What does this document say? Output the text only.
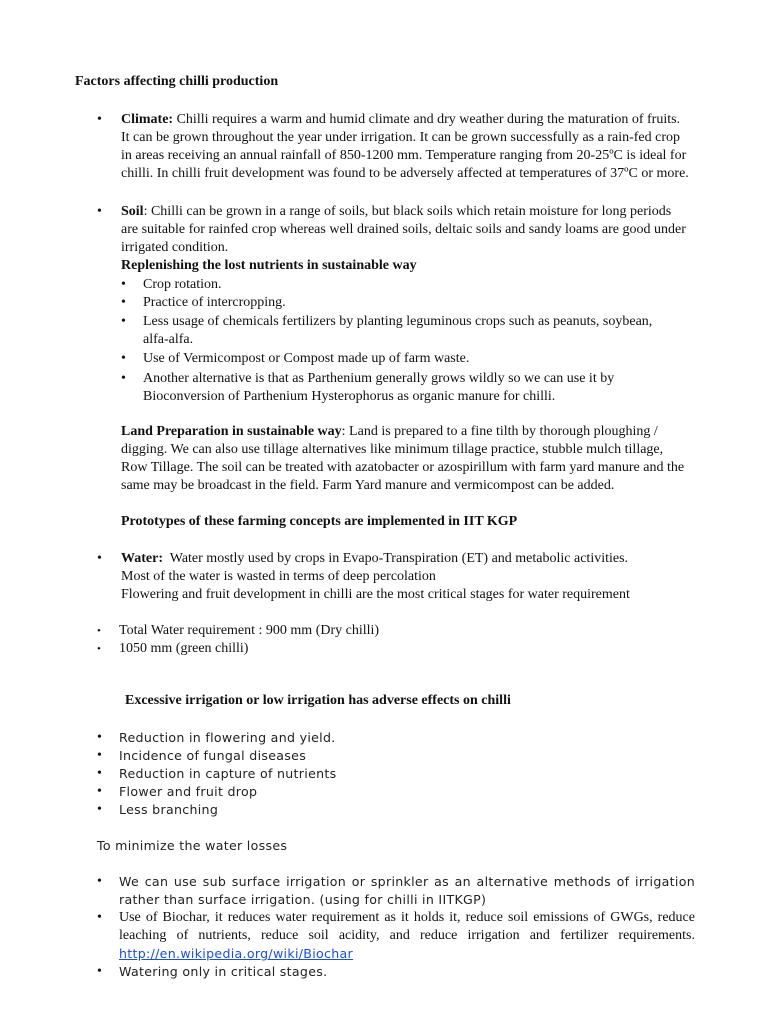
Factors affecting chilli production
• Climate: Chilli requires a warm and humid climate and dry weather during the maturation of fruits. It can be grown throughout the year under irrigation. It can be grown successfully as a rain-fed crop in areas receiving an annual rainfall of 850-1200 mm. Temperature ranging from 20-25ºC is ideal for chilli. In chilli fruit development was found to be adversely affected at temperatures of 37ºC or more.
• Soil: Chilli can be grown in a range of soils, but black soils which retain moisture for long periods are suitable for rainfed crop whereas well drained soils, deltaic soils and sandy loams are good under irrigated condition.
Replenishing the lost nutrients in sustainable way
• Crop rotation.
• Practice of intercropping.
• Less usage of chemicals fertilizers by planting leguminous crops such as peanuts, soybean, alfa-alfa.
• Use of Vermicompost or Compost made up of farm waste.
• Another alternative is that as Parthenium generally grows wildly so we can use it by Bioconversion of Parthenium Hysterophorus as organic manure for chilli.
Land Preparation in sustainable way: Land is prepared to a fine tilth by thorough ploughing / digging. We can also use tillage alternatives like minimum tillage practice, stubble mulch tillage, Row Tillage. The soil can be treated with azatobacter or azospirillum with farm yard manure and the same may be broadcast in the field. Farm Yard manure and vermicompost can be added.
Prototypes of these farming concepts are implemented in IIT KGP
• Water:  Water mostly used by crops in Evapo-Transpiration (ET) and metabolic activities.
Most of the water is wasted in terms of deep percolation
Flowering and fruit development in chilli are the most critical stages for water requirement
• Total Water requirement : 900 mm (Dry chilli)
• 1050 mm (green chilli)
Excessive irrigation or low irrigation has adverse effects on chilli
• Reduction in flowering and yield.
• Incidence of fungal diseases
• Reduction in capture of nutrients
• Flower and fruit drop
• Less branching
To minimize the water losses
• We can use sub surface irrigation or sprinkler as an alternative methods of irrigation rather than surface irrigation. (using for chilli in IITKGP)
• Use of Biochar, it reduces water requirement as it holds it, reduce soil emissions of GWGs, reduce leaching of nutrients, reduce soil acidity, and reduce irrigation and fertilizer requirements. http://en.wikipedia.org/wiki/Biochar
• Watering only in critical stages.
